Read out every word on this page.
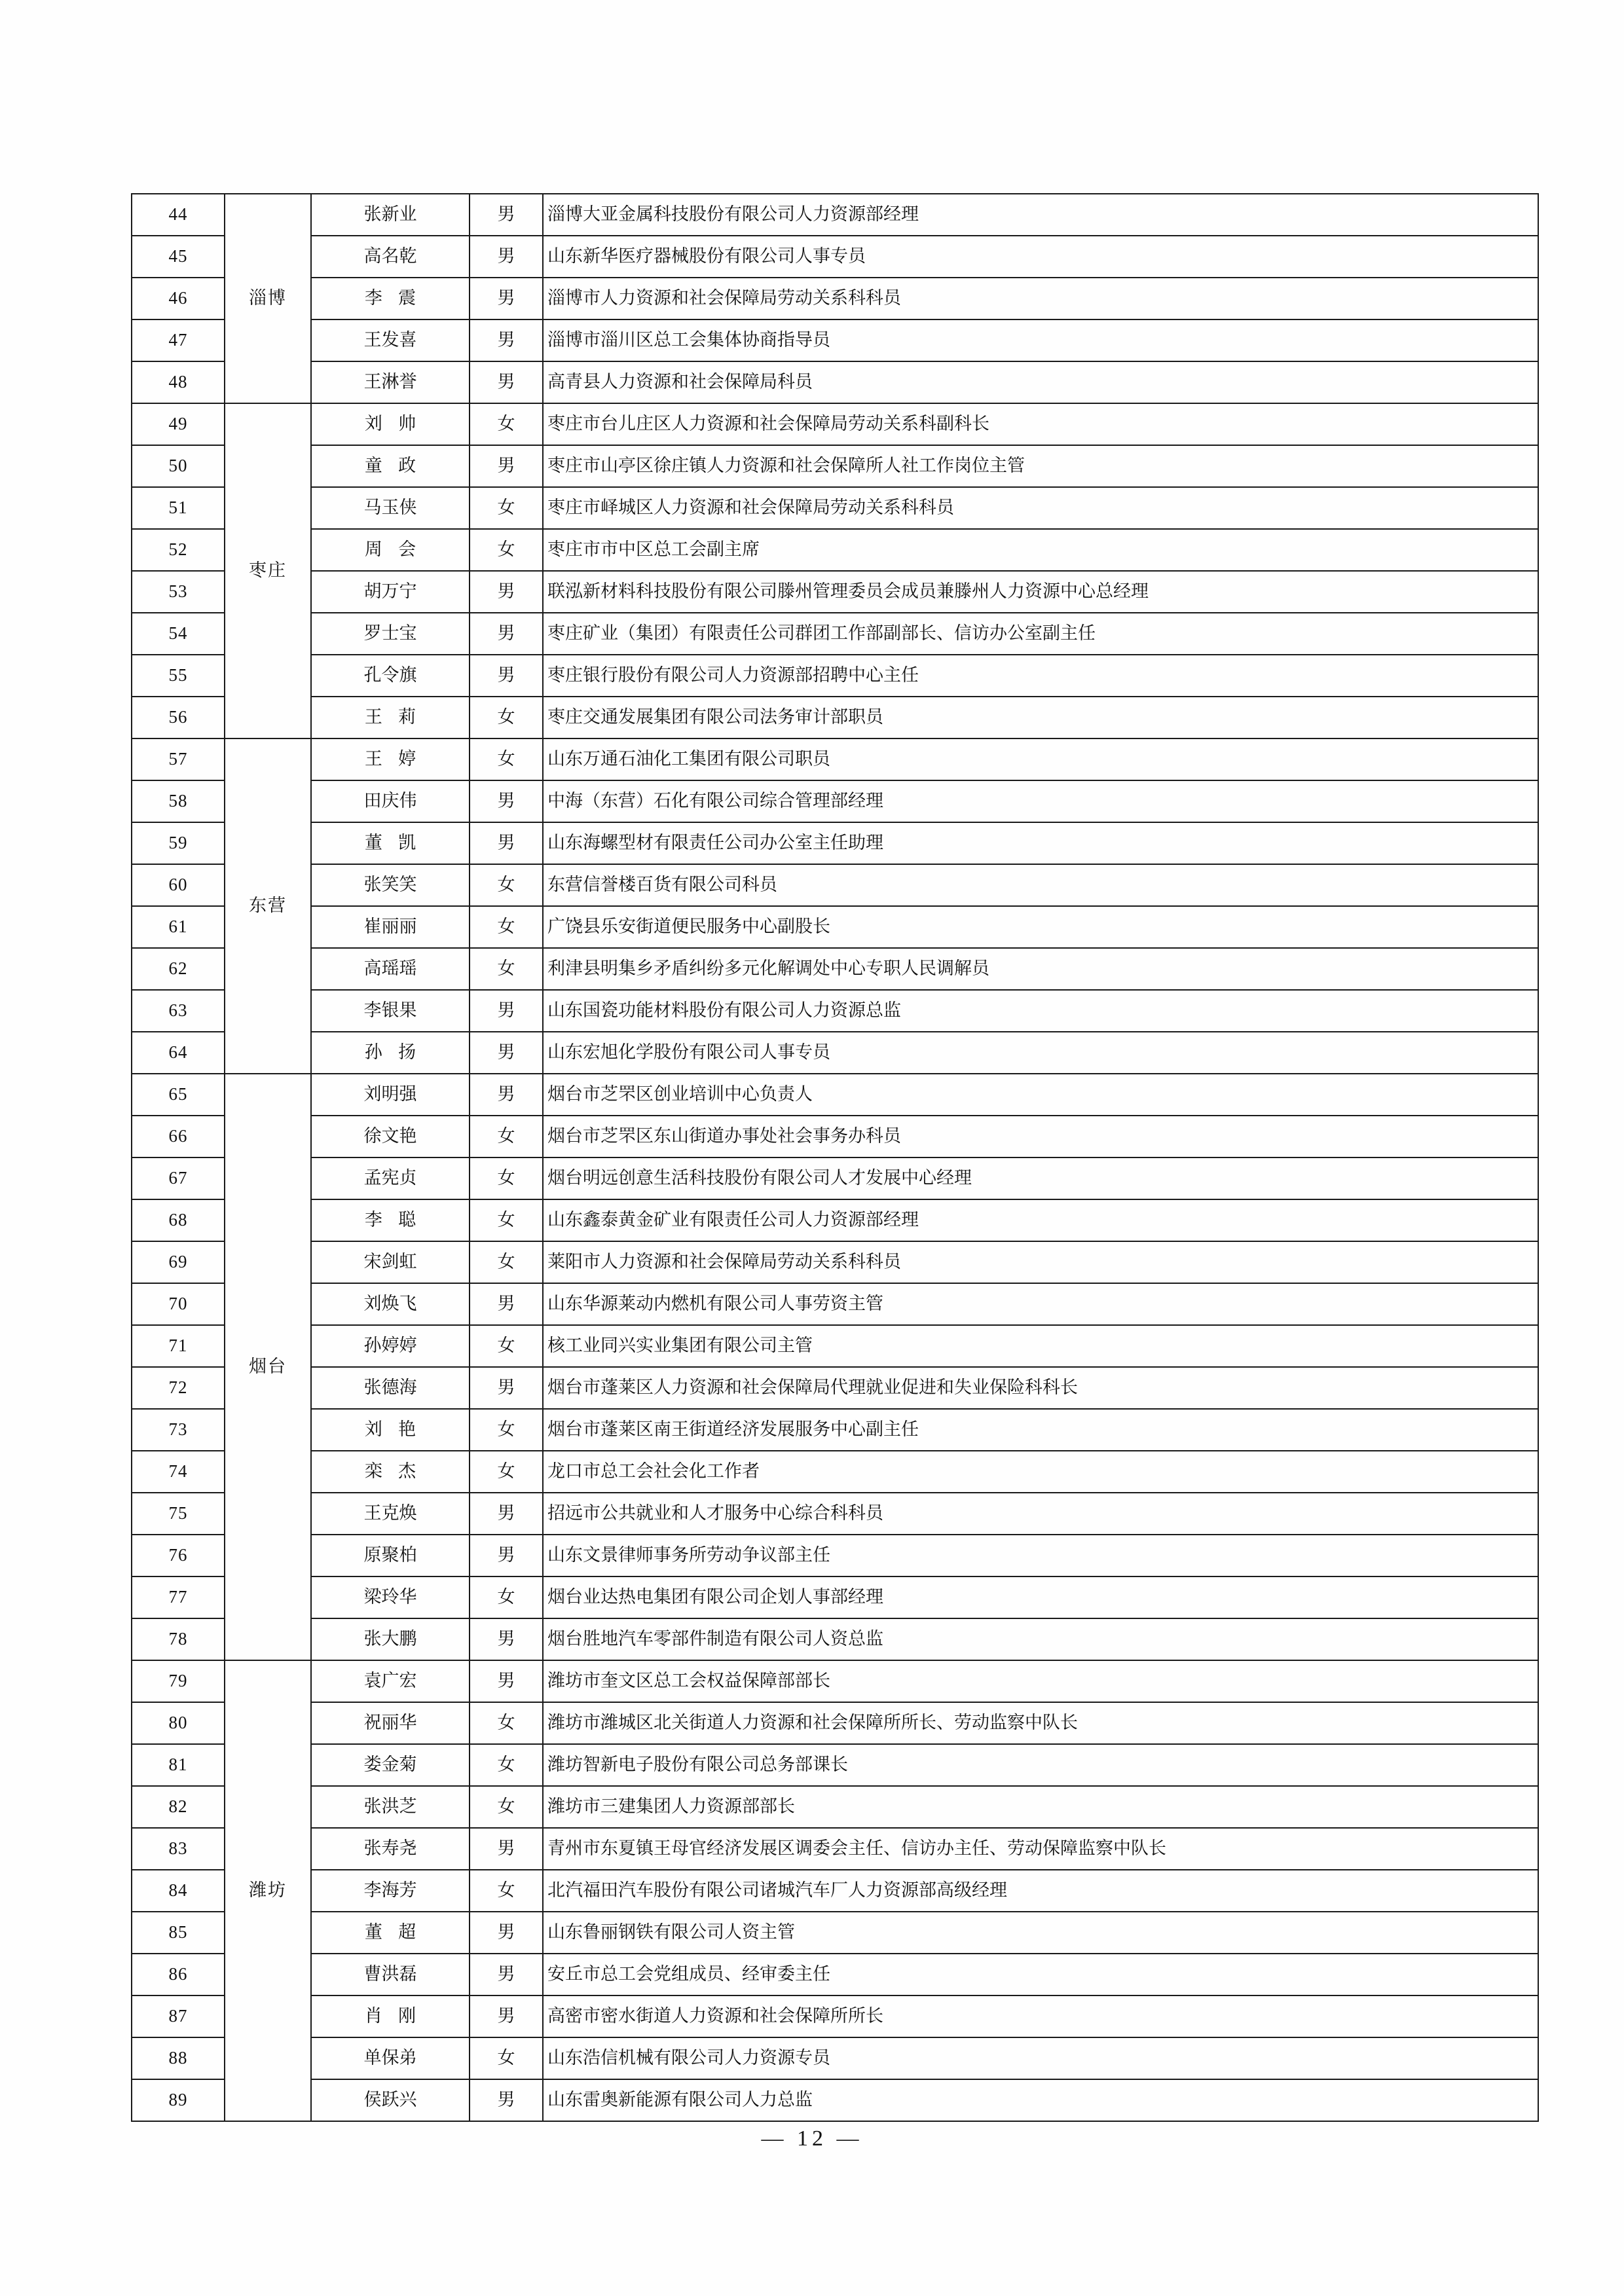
44	淄博	张新业	男	淄博大亚金属科技股份有限公司人力资源部经理
45		高名乾	男	山东新华医疗器械股份有限公司人事专员
46		李震	男	淄博市人力资源和社会保障局劳动关系科科员
47		王发喜	男	淄博市淄川区总工会集体协商指导员
48		王淋誉	男	高青县人力资源和社会保障局科员
49	枣庄	刘帅	女	枣庄市台儿庄区人力资源和社会保障局劳动关系科副科长
50		童政	男	枣庄市山亭区徐庄镇人力资源和社会保障所人社工作岗位主管
51		马玉侠	女	枣庄市峄城区人力资源和社会保障局劳动关系科科员
52		周会	女	枣庄市市中区总工会副主席
53		胡万宁	男	联泓新材料科技股份有限公司滕州管理委员会成员兼滕州人力资源中心总经理
54		罗士宝	男	枣庄矿业（集团）有限责任公司群团工作部副部长、信访办公室副主任
55		孔令旗	男	枣庄银行股份有限公司人力资源部招聘中心主任
56		王莉	女	枣庄交通发展集团有限公司法务审计部职员
57	东营	王婷	女	山东万通石油化工集团有限公司职员
58		田庆伟	男	中海（东营）石化有限公司综合管理部经理
59		董凯	男	山东海螺型材有限责任公司办公室主任助理
60		张笑笑	女	东营信誉楼百货有限公司科员
61		崔丽丽	女	广饶县乐安街道便民服务中心副股长
62		高瑶瑶	女	利津县明集乡矛盾纠纷多元化解调处中心专职人民调解员
63		李银果	男	山东国瓷功能材料股份有限公司人力资源总监
64		孙扬	男	山东宏旭化学股份有限公司人事专员
65	烟台	刘明强	男	烟台市芝罘区创业培训中心负责人
66		徐文艳	女	烟台市芝罘区东山街道办事处社会事务办科员
67		孟宪贞	女	烟台明远创意生活科技股份有限公司人才发展中心经理
68		李聪	女	山东鑫泰黄金矿业有限责任公司人力资源部经理
69		宋剑虹	女	莱阳市人力资源和社会保障局劳动关系科科员
70		刘焕飞	男	山东华源莱动内燃机有限公司人事劳资主管
71		孙婷婷	女	核工业同兴实业集团有限公司主管
72		张德海	男	烟台市蓬莱区人力资源和社会保障局代理就业促进和失业保险科科长
73		刘艳	女	烟台市蓬莱区南王街道经济发展服务中心副主任
74		栾杰	女	龙口市总工会社会化工作者
75		王克焕	男	招远市公共就业和人才服务中心综合科科员
76		原聚柏	男	山东文景律师事务所劳动争议部主任
77		梁玲华	女	烟台业达热电集团有限公司企划人事部经理
78		张大鹏	男	烟台胜地汽车零部件制造有限公司人资总监
79	潍坊	袁广宏	男	潍坊市奎文区总工会权益保障部部长
80		祝丽华	女	潍坊市潍城区北关街道人力资源和社会保障所所长、劳动监察中队长
81		娄金菊	女	潍坊智新电子股份有限公司总务部课长
82		张洪芝	女	潍坊市三建集团人力资源部部长
83		张寿尧	男	青州市东夏镇王母官经济发展区调委会主任、信访办主任、劳动保障监察中队长
84		李海芳	女	北汽福田汽车股份有限公司诸城汽车厂人力资源部高级经理
85		董超	男	山东鲁丽钢铁有限公司人资主管
86		曹洪磊	男	安丘市总工会党组成员、经审委主任
87		肖刚	男	高密市密水街道人力资源和社会保障所所长
88		单保弟	女	山东浩信机械有限公司人力资源专员
89		侯跃兴	男	山东雷奥新能源有限公司人力总监
— 12 —
